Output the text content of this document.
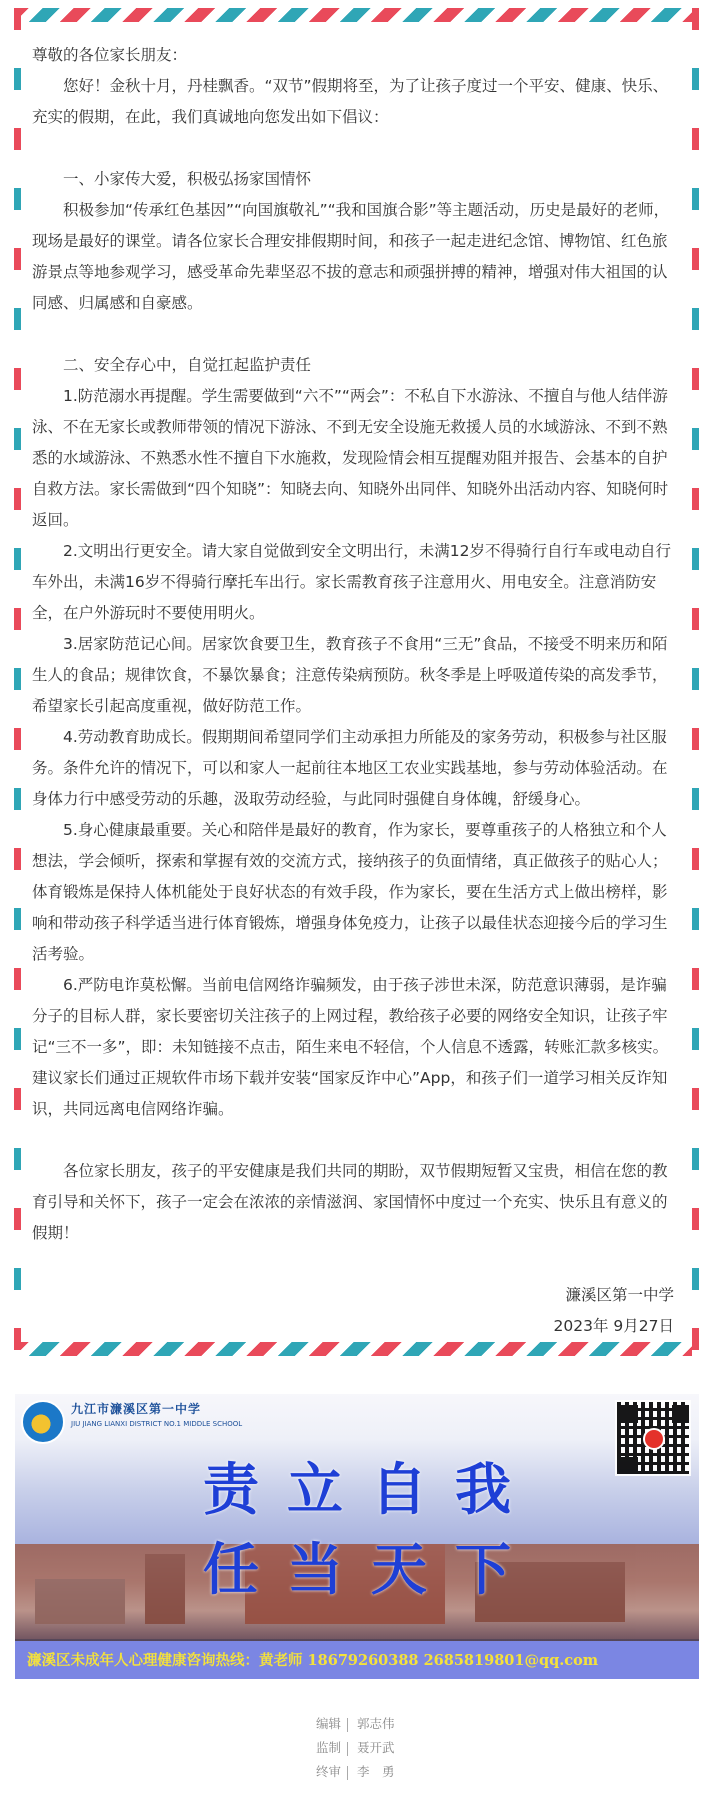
尊敬的各位家长朋友：

您好！金秋十月，丹桂飘香。“双节”假期将至，为了让孩子度过一个平安、健康、快乐、充实的假期，在此，我们真诚地向您发出如下倡议：

一、小家传大爱，积极弘扬家国情怀

积极参加“传承红色基因”“向国旗敬礼”“我和国旗合影”等主题活动，历史是最好的老师，现场是最好的课堂。请各位家长合理安排假期时间，和孩子一起走进纪念馆、博物馆、红色旅游景点等地参观学习，感受革命先辈坚忍不拔的意志和顽强拼搏的精神，增强对伟大祖国的认同感、归属感和自豪感。

二、安全存心中，自觉扛起监护责任

1.防范溺水再提醒。学生需要做到“六不”“两会”：不私自下水游泳、不擅自与他人结伴游泳、不在无家长或教师带领的情况下游泳、不到无安全设施无救援人员的水域游泳、不到不熟悉的水域游泳、不熟悉水性不擅自下水施救，发现险情会相互提醒劝阻并报告、会基本的自护自救方法。家长需做到“四个知晓”：知晓去向、知晓外出同伴、知晓外出活动内容、知晓何时返回。

2.文明出行更安全。请大家自觉做到安全文明出行，未满12岁不得骑行自行车或电动自行车外出，未满16岁不得骑行摩托车出行。家长需教育孩子注意用火、用电安全。注意消防安全，在户外游玩时不要使用明火。

3.居家防范记心间。居家饮食要卫生，教育孩子不食用“三无”食品，不接受不明来历和陌生人的食品；规律饮食，不暴饮暴食；注意传染病预防。秋冬季是上呼吸道传染的高发季节，希望家长引起高度重视，做好防范工作。

4.劳动教育助成长。假期期间希望同学们主动承担力所能及的家务劳动，积极参与社区服务。条件允许的情况下，可以和家人一起前往本地区工农业实践基地，参与劳动体验活动。在身体力行中感受劳动的乐趣，汲取劳动经验，与此同时强健自身体魄，舒缓身心。

5.身心健康最重要。关心和陪伴是最好的教育，作为家长，要尊重孩子的人格独立和个人想法，学会倾听，探索和掌握有效的交流方式，接纳孩子的负面情绪，真正做孩子的贴心人；体育锻炼是保持人体机能处于良好状态的有效手段，作为家长，要在生活方式上做出榜样，影响和带动孩子科学适当进行体育锻炼，增强身体免疫力，让孩子以最佳状态迎接今后的学习生活考验。

6.严防电诈莫松懈。当前电信网络诈骗频发，由于孩子涉世未深，防范意识薄弱，是诈骗分子的目标人群，家长要密切关注孩子的上网过程，教给孩子必要的网络安全知识，让孩子牢记“三不一多”，即：未知链接不点击，陌生来电不轻信，个人信息不透露，转账汇款多核实。建议家长们通过正规软件市场下载并安装“国家反诈中心”App，和孩子们一道学习相关反诈知识，共同远离电信网络诈骗。

各位家长朋友，孩子的平安健康是我们共同的期盼，双节假期短暂又宝贵，相信在您的教育引导和关怀下，孩子一定会在浓浓的亲情滋润、家国情怀中度过一个充实、快乐且有意义的假期！

濂溪区第一中学

2023年 9月27日

九江市濂溪区第一中学
JIU JIANG LIANXI DISTRICT NO.1 MIDDLE SCHOOL
责立自我
任当天下
濂溪区未成年人心理健康咨询热线：黄老师 18679260388 2685819801@qq.com
编辑 郭志伟
监制 聂开武
终审 李　勇
